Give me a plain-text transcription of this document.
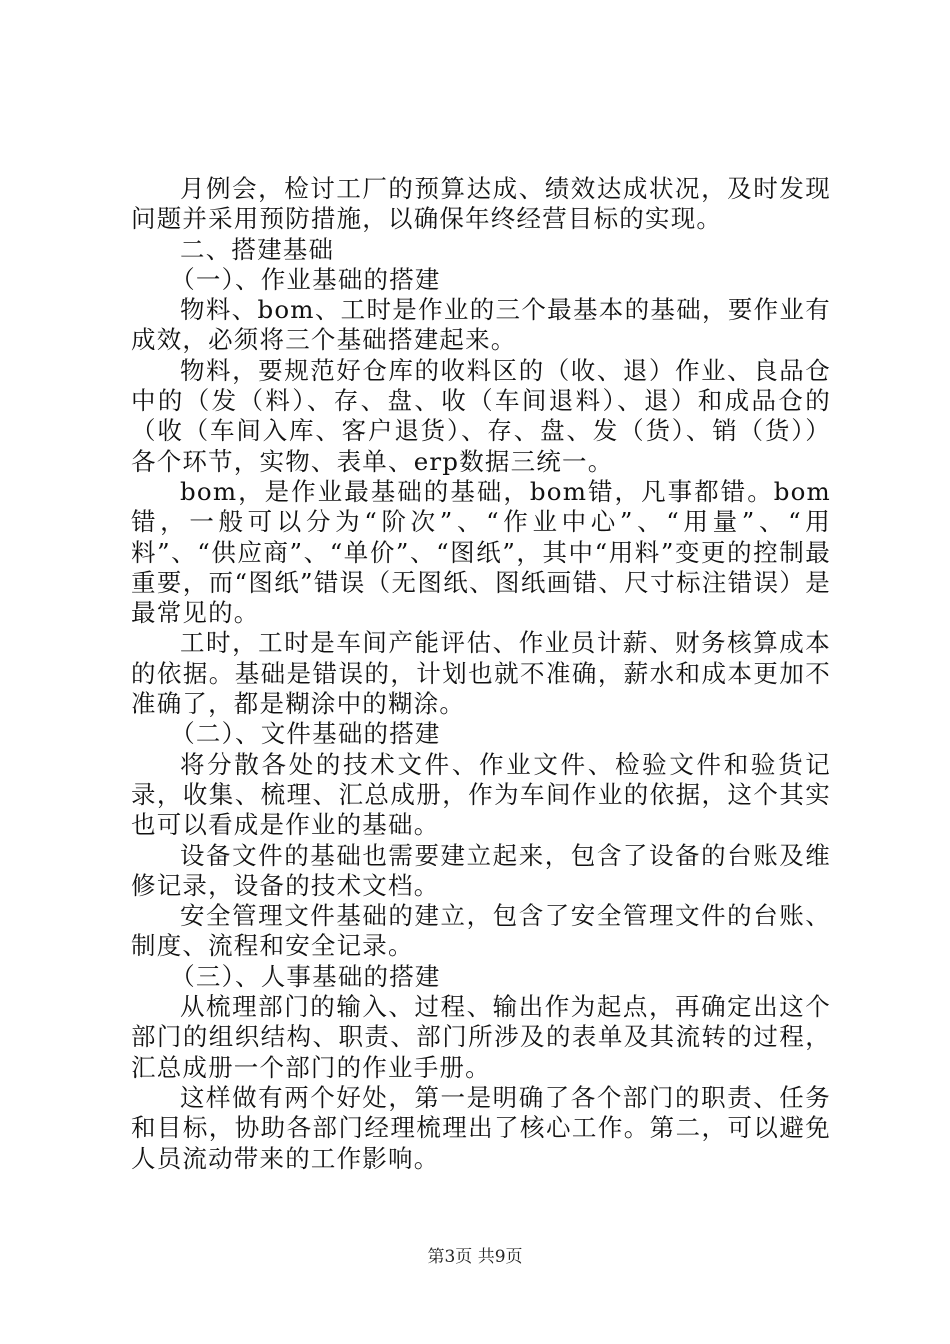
月例会，检讨工厂的预算达成、绩效达成状况，及时发现问题并采用预防措施，以确保年终经营目标的实现。

二、搭建基础

（一）、作业基础的搭建

物料、bom、工时是作业的三个最基本的基础，要作业有成效，必须将三个基础搭建起来。

物料，要规范好仓库的收料区的（收、退）作业、良品仓中的（发（料）、存、盘、收（车间退料）、退）和成品仓的（收（车间入库、客户退货）、存、盘、发（货）、销（货））各个环节，实物、表单、erp数据三统一。

bom，是作业最基础的基础，bom错，凡事都错。bom错，一般可以分为“阶次”、“作业中心”、“用量”、“用料”、“供应商”、“单价”、“图纸”，其中“用料”变更的控制最重要，而“图纸”错误（无图纸、图纸画错、尺寸标注错误）是最常见的。

工时，工时是车间产能评估、作业员计薪、财务核算成本的依据。基础是错误的，计划也就不准确，薪水和成本更加不准确了，都是糊涂中的糊涂。

（二）、文件基础的搭建

将分散各处的技术文件、作业文件、检验文件和验货记录，收集、梳理、汇总成册，作为车间作业的依据，这个其实也可以看成是作业的基础。

设备文件的基础也需要建立起来，包含了设备的台账及维修记录，设备的技术文档。

安全管理文件基础的建立，包含了安全管理文件的台账、制度、流程和安全记录。

（三）、人事基础的搭建

从梳理部门的输入、过程、输出作为起点，再确定出这个部门的组织结构、职责、部门所涉及的表单及其流转的过程，汇总成册一个部门的作业手册。

这样做有两个好处，第一是明确了各个部门的职责、任务和目标，协助各部门经理梳理出了核心工作。第二，可以避免人员流动带来的工作影响。

第3页 共9页
